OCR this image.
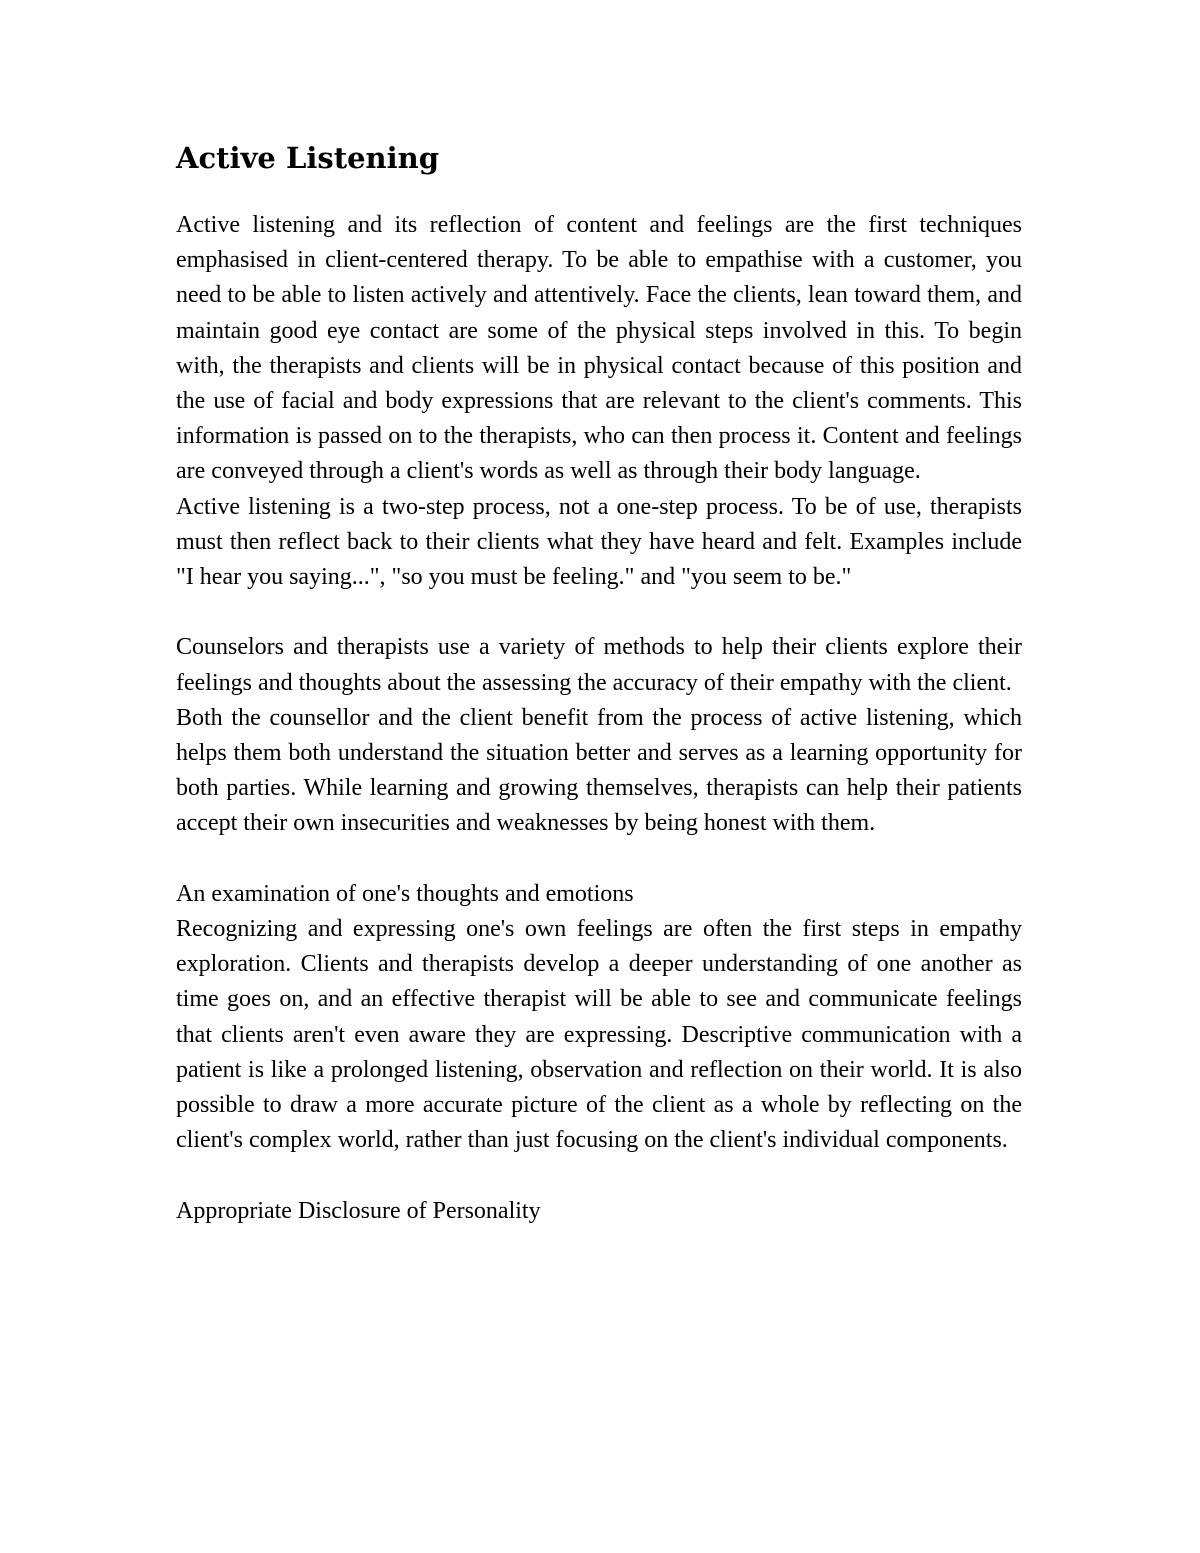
Active Listening

Active listening and its reflection of content and feelings are the first techniques emphasised in client-centered therapy. To be able to empathise with a customer, you need to be able to listen actively and attentively. Face the clients, lean toward them, and maintain good eye contact are some of the physical steps involved in this. To begin with, the therapists and clients will be in physical contact because of this position and the use of facial and body expressions that are relevant to the client's comments. This information is passed on to the therapists, who can then process it. Content and feelings are conveyed through a client's words as well as through their body language.

Active listening is a two-step process, not a one-step process. To be of use, therapists must then reflect back to their clients what they have heard and felt. Examples include "I hear you saying...", "so you must be feeling." and "you seem to be."

Counselors and therapists use a variety of methods to help their clients explore their feelings and thoughts about the assessing the accuracy of their empathy with the client.

Both the counsellor and the client benefit from the process of active listening, which helps them both understand the situation better and serves as a learning opportunity for both parties. While learning and growing themselves, therapists can help their patients accept their own insecurities and weaknesses by being honest with them.

An examination of one's thoughts and emotions

Recognizing and expressing one's own feelings are often the first steps in empathy exploration. Clients and therapists develop a deeper understanding of one another as time goes on, and an effective therapist will be able to see and communicate feelings that clients aren't even aware they are expressing. Descriptive communication with a patient is like a prolonged listening, observation and reflection on their world. It is also possible to draw a more accurate picture of the client as a whole by reflecting on the client's complex world, rather than just focusing on the client's individual components.

Appropriate Disclosure of Personality
